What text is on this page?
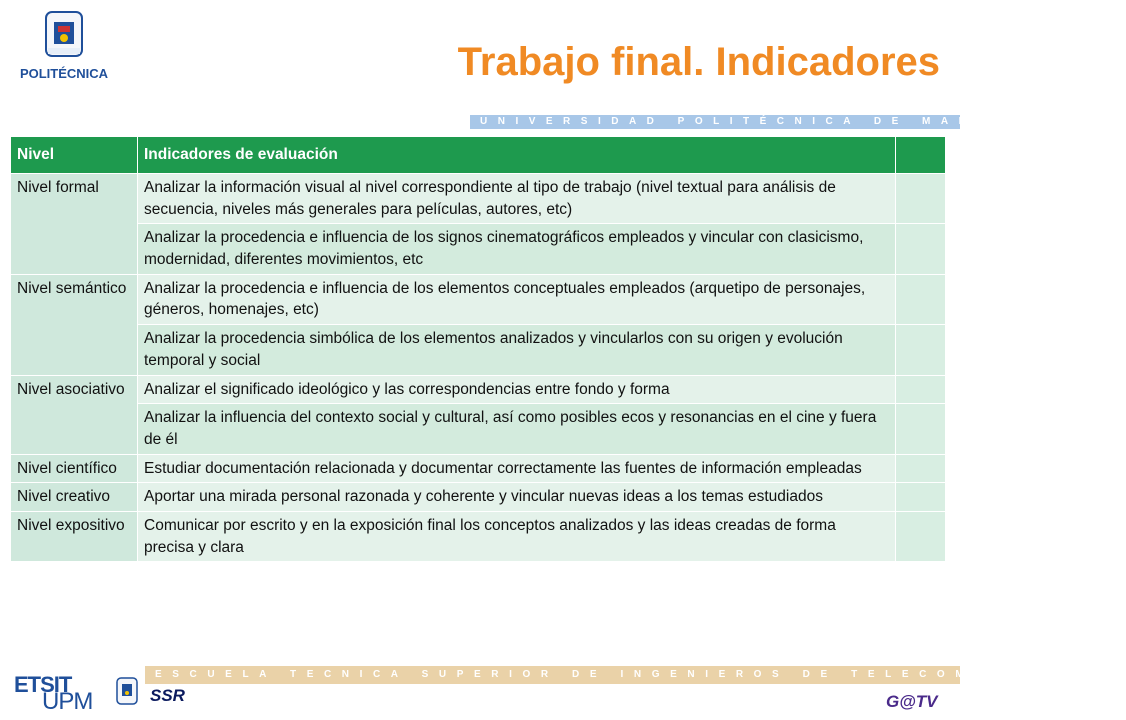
POLITÉCNICA	Trabajo final. Indicadores
UNIVERSIDAD POLITÉCNICA DE MADRID
Nivel	Indicadores de evaluación	
Nivel formal	Analizar la información visual al nivel correspondiente al tipo de trabajo (nivel textual para análisis de secuencia, niveles más generales para películas, autores, etc)	
	Analizar la procedencia e influencia de los signos cinematográficos empleados y vincular con clasicismo, modernidad, diferentes movimientos, etc	
Nivel semántico	Analizar la procedencia e influencia de los elementos conceptuales empleados (arquetipo de personajes, géneros, homenajes, etc)	
	Analizar la procedencia simbólica de los elementos analizados y vincularlos con su origen y evolución temporal y social	
Nivel asociativo	Analizar el significado ideológico y las correspondencias entre fondo y forma	
	Analizar la influencia del contexto social y cultural, así como posibles ecos y resonancias en el cine y fuera de él	
Nivel científico	Estudiar documentación relacionada y documentar correctamente las fuentes de información empleadas	
Nivel creativo	Aportar una mirada personal razonada y coherente y vincular nuevas ideas a los temas estudiados	
Nivel expositivo	Comunicar por escrito y en la exposición final los conceptos analizados y las ideas creadas de forma precisa y clara	
ESCUELA TECNICA SUPERIOR DE INGENIEROS DE TELECOMUNICACIÓN
ETSIT
UPM	SSR	G@TV
